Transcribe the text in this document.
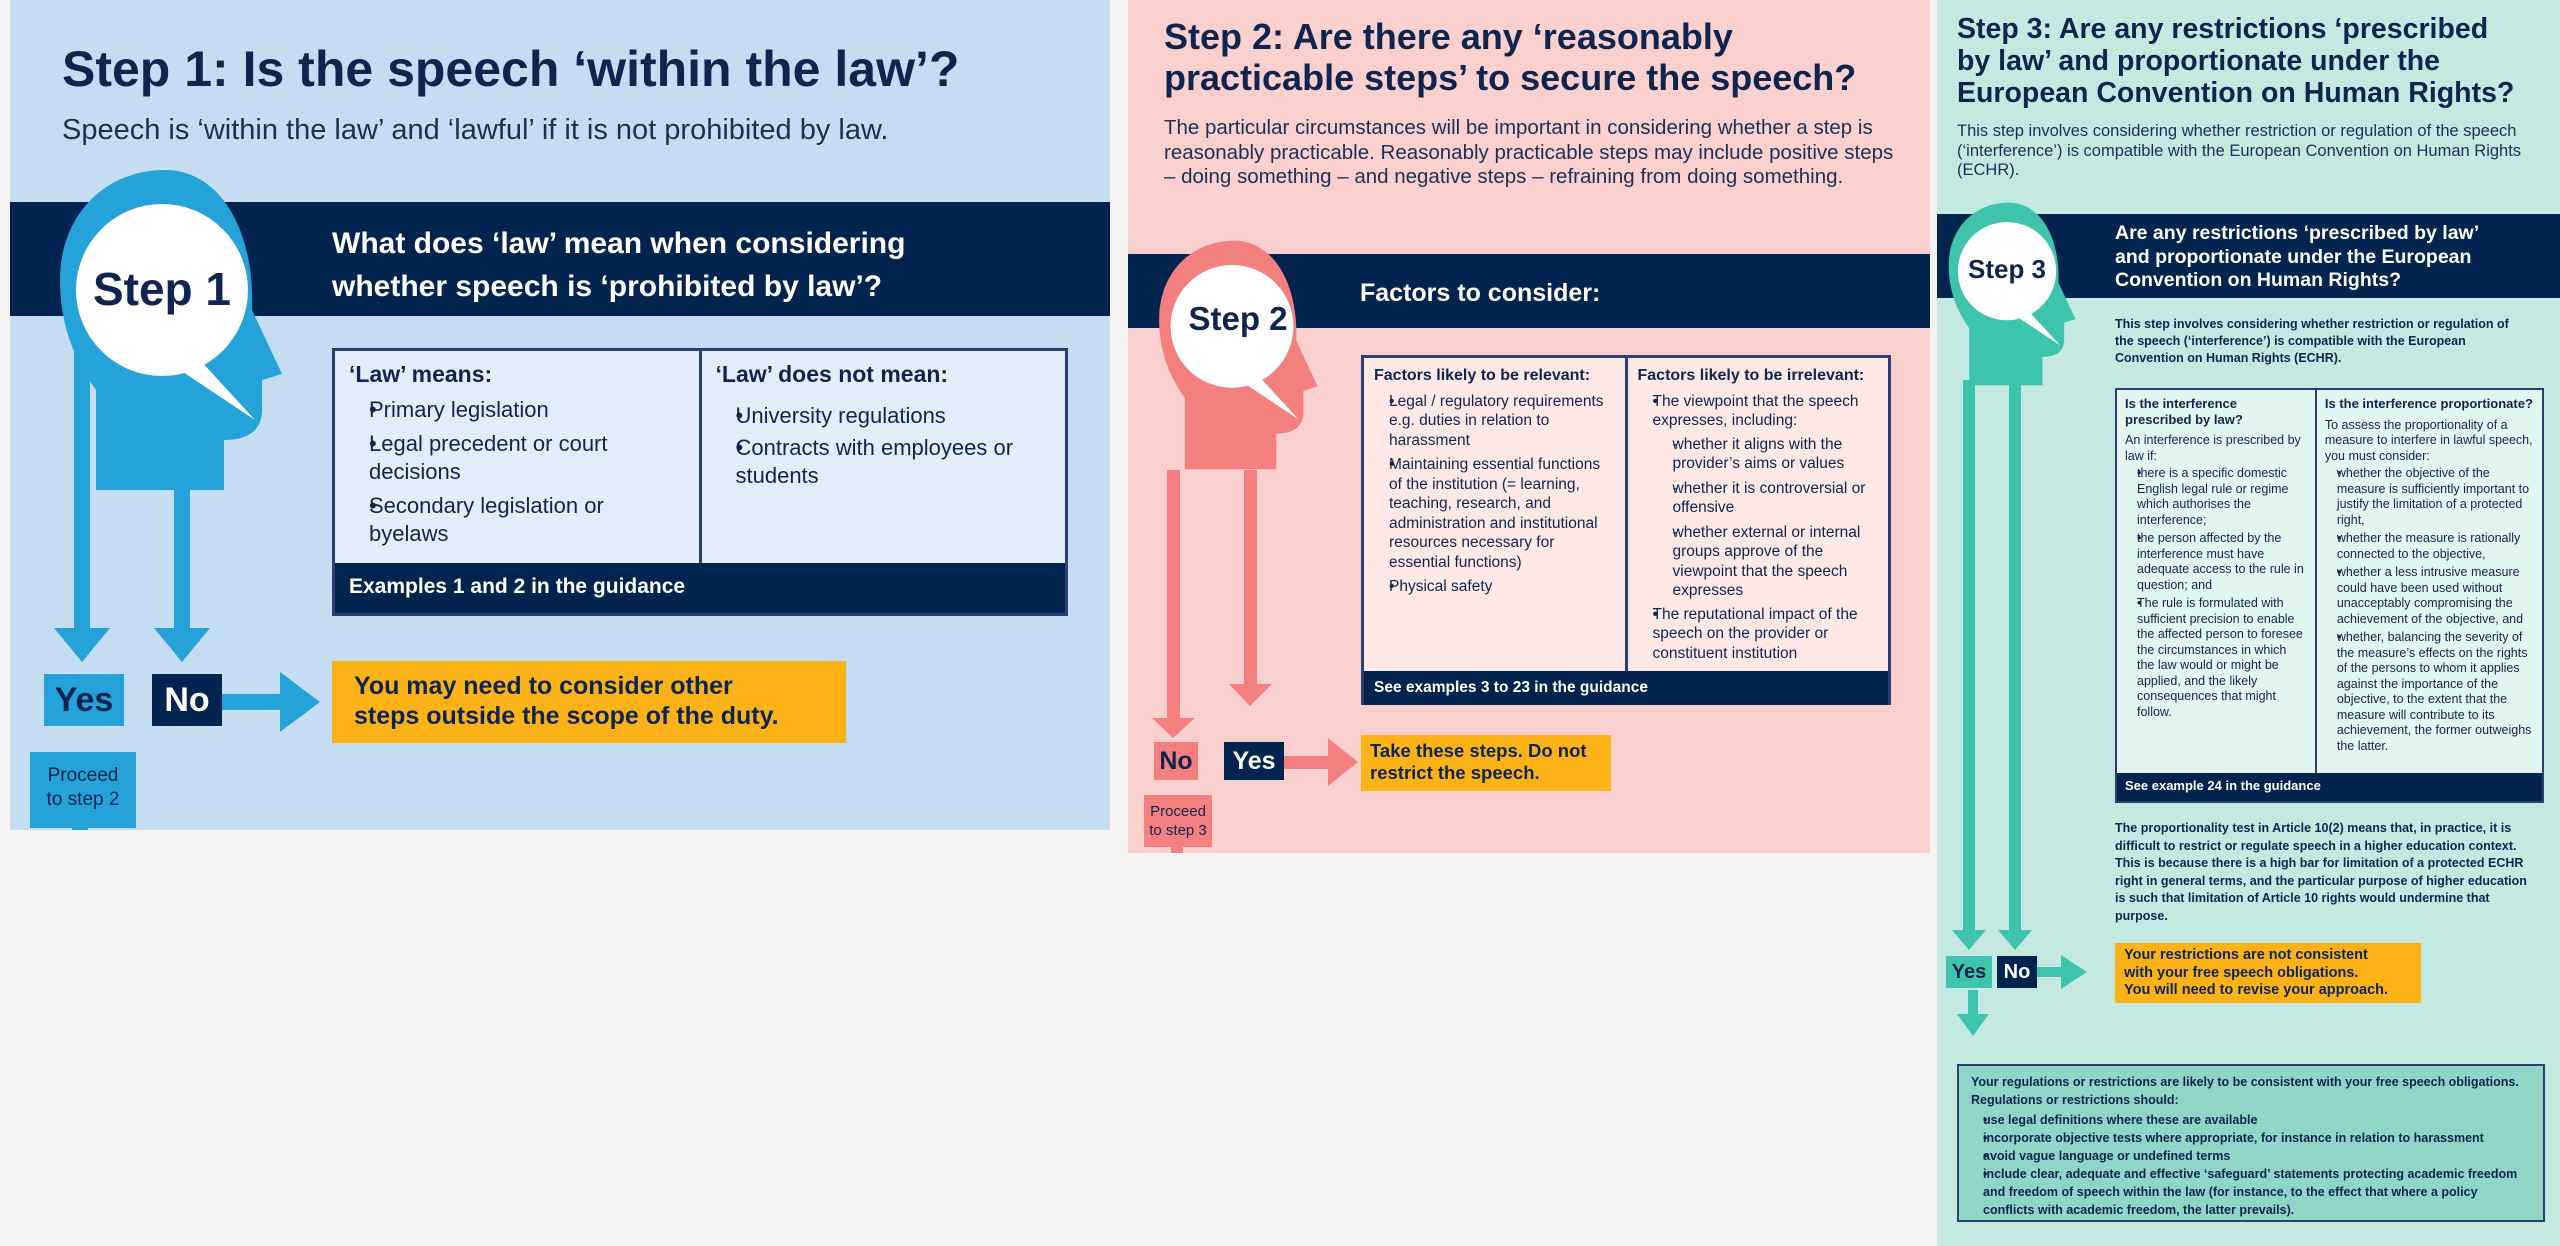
Step 1
Step 1: Is the speech ‘within the law’?
Speech is ‘within the law’ and ‘lawful’ if it is not prohibited by law.
What does ‘law’ mean when considering
whether speech is ‘prohibited by law’?
‘Law’ means:
• Primary legislation
• Legal precedent or court decisions
• Secondary legislation or byelaws
‘Law’ does not mean:
• University regulations
• Contracts with employees or students
Examples 1 and 2 in the guidance
Yes	No	You may need to consider other
steps outside the scope of the duty.
Proceed
to step 2
Step 2
Step 2: Are there any ‘reasonably
practicable steps’ to secure the speech?
The particular circumstances will be important in considering whether a step is reasonably practicable. Reasonably practicable steps may include positive steps – doing something – and negative steps – refraining from doing something.
Factors to consider:
Factors likely to be relevant:
• Legal / regulatory requirements e.g. duties in relation to harassment
• Maintaining essential functions of the institution (= learning, teaching, research, and administration and institutional resources necessary for essential functions)
• Physical safety
Factors likely to be irrelevant:
• The viewpoint that the speech expresses, including:
- whether it aligns with the provider’s aims or values
- whether it is controversial or offensive
- whether external or internal groups approve of the viewpoint that the speech expresses
• The reputational impact of the speech on the provider or constituent institution
See examples 3 to 23 in the guidance
No	Yes	Take these steps. Do not
restrict the speech.
Proceed
to step 3
Step 3
Step 3: Are any restrictions ‘prescribed
by law’ and proportionate under the
European Convention on Human Rights?
This step involves considering whether restriction or regulation of the speech (‘interference’) is compatible with the European Convention on Human Rights (ECHR).
Are any restrictions ‘prescribed by law’
and proportionate under the European
Convention on Human Rights?
This step involves considering whether restriction or regulation of the speech (‘interference’) is compatible with the European Convention on Human Rights (ECHR).
Is the interference prescribed by law?
An interference is prescribed by law if:
• there is a specific domestic English legal rule or regime which authorises the interference;
• the person affected by the interference must have adequate access to the rule in question; and
• The rule is formulated with sufficient precision to enable the affected person to foresee the circumstances in which the law would or might be applied, and the likely consequences that might follow.
Is the interference proportionate?
To assess the proportionality of a measure to interfere in lawful speech, you must consider:
• whether the objective of the measure is sufficiently important to justify the limitation of a protected right,
• whether the measure is rationally connected to the objective,
• whether a less intrusive measure could have been used without unacceptably compromising the achievement of the objective, and
• whether, balancing the severity of the measure’s effects on the rights of the persons to whom it applies against the importance of the objective, to the extent that the measure will contribute to its achievement, the former outweighs the latter.
See example 24 in the guidance
The proportionality test in Article 10(2) means that, in practice, it is difficult to restrict or regulate speech in a higher education context. This is because there is a high bar for limitation of a protected ECHR right in general terms, and the particular purpose of higher education is such that limitation of Article 10 rights would undermine that purpose.
Yes No
Your restrictions are not consistent
with your free speech obligations.
You will need to revise your approach.
Your regulations or restrictions are likely to be consistent with your free speech obligations.
Regulations or restrictions should:
• use legal definitions where these are available
• incorporate objective tests where appropriate, for instance in relation to harassment
• avoid vague language or undefined terms
• include clear, adequate and effective ‘safeguard’ statements protecting academic freedom and freedom of speech within the law (for instance, to the effect that where a policy conflicts with academic freedom, the latter prevails).
